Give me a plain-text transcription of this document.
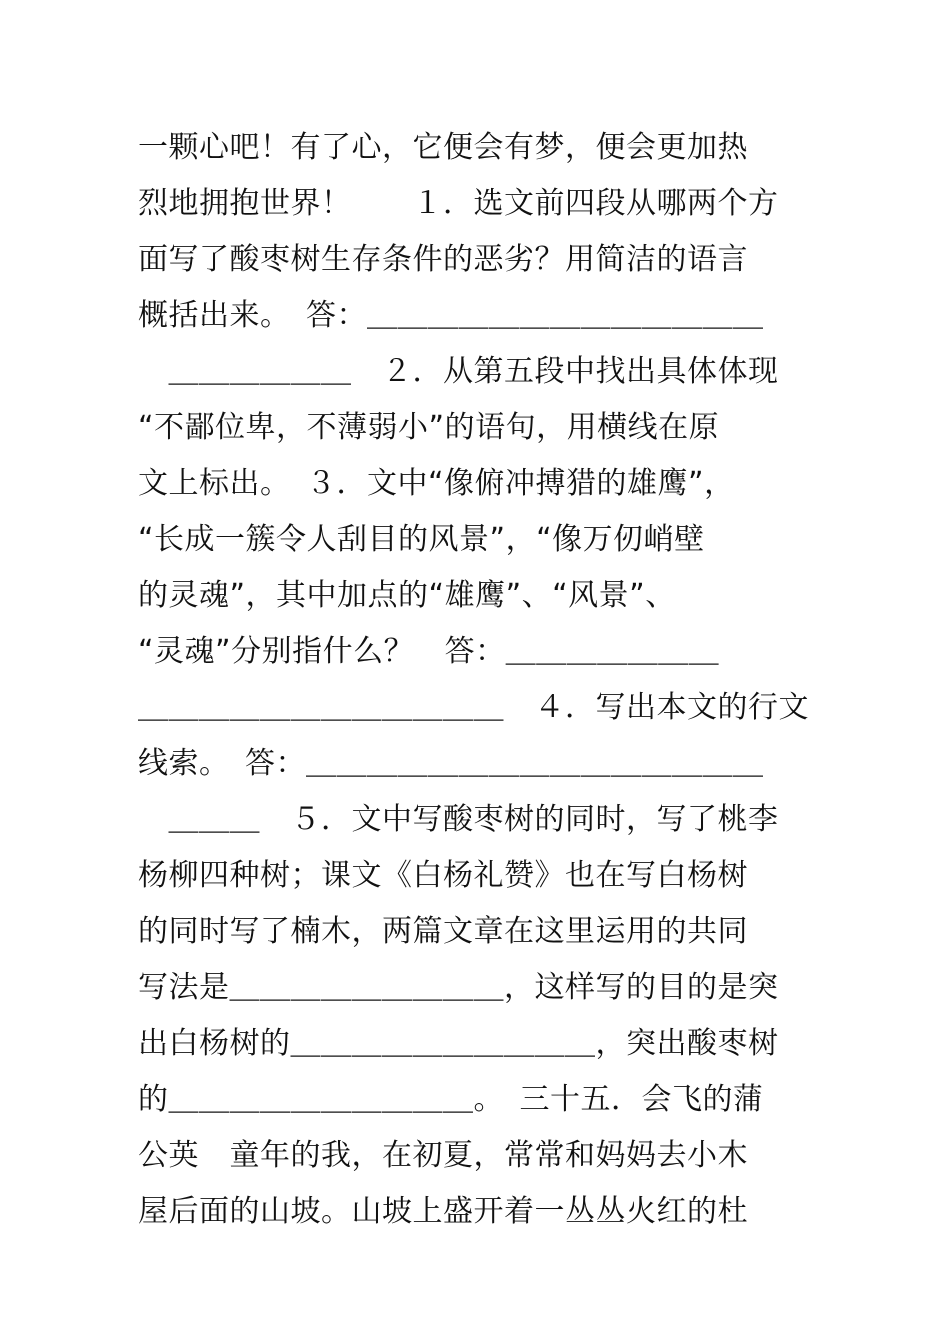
一颗心吧！有了心，它便会有梦，便会更加热
烈地拥抱世界！　　１．选文前四段从哪两个方
面写了酸枣树生存条件的恶劣？用简洁的语言
概括出来。　答：＿＿＿＿＿＿＿＿＿＿＿＿＿
　＿＿＿＿＿＿　２．从第五段中找出具体体现
“不鄙位卑，不薄弱小”的语句，用横线在原
文上标出。　３．文中“像俯冲搏猎的雄鹰”，
“长成一簇令人刮目的风景”，“像万仞峭壁
的灵魂”，其中加点的“雄鹰”、“风景”、
“灵魂”分别指什么？　答：＿＿＿＿＿＿＿
＿＿＿＿＿＿＿＿＿＿＿＿　４．写出本文的行文
线索。　答：＿＿＿＿＿＿＿＿＿＿＿＿＿＿＿
　＿＿＿　５．文中写酸枣树的同时，写了桃李
杨柳四种树；课文《白杨礼赞》也在写白杨树
的同时写了楠木，两篇文章在这里运用的共同
写法是＿＿＿＿＿＿＿＿＿，这样写的目的是突
出白杨树的＿＿＿＿＿＿＿＿＿＿，突出酸枣树
的＿＿＿＿＿＿＿＿＿＿。　三十五．会飞的蒲
公英　童年的我，在初夏，常常和妈妈去小木
屋后面的山坡。山坡上盛开着一丛丛火红的杜
